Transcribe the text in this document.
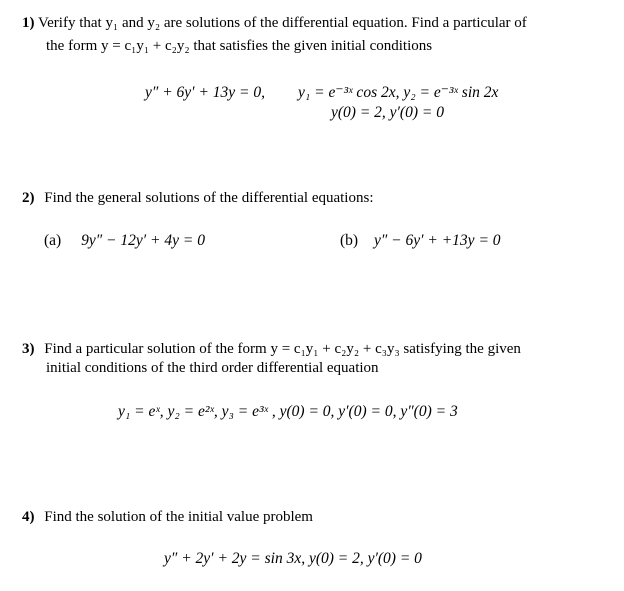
1) Verify that y₁ and y₂ are solutions of the differential equation. Find a particular of
the form y = c₁y₁ + c₂y₂ that satisfies the given initial conditions
y″ + 6y′ + 13y = 0, y₁ = e⁻³ˣ cos 2x, y₂ = e⁻³ˣ sin 2x
y(0) = 2, y′(0) = 0
2) Find the general solutions of the differential equations:
(a) 9y″ − 12y′ + 4y = 0	(b) y″ − 6y′ + +13y = 0
3) Find a particular solution of the form y = c₁y₁ + c₂y₂ + c₃y₃ satisfying the given
initial conditions of the third order differential equation
y₁ = eˣ, y₂ = e²ˣ, y₃ = e³ˣ , y(0) = 0, y′(0) = 0, y″(0) = 3
4) Find the solution of the initial value problem
y″ + 2y′ + 2y = sin 3x, y(0) = 2, y′(0) = 0
